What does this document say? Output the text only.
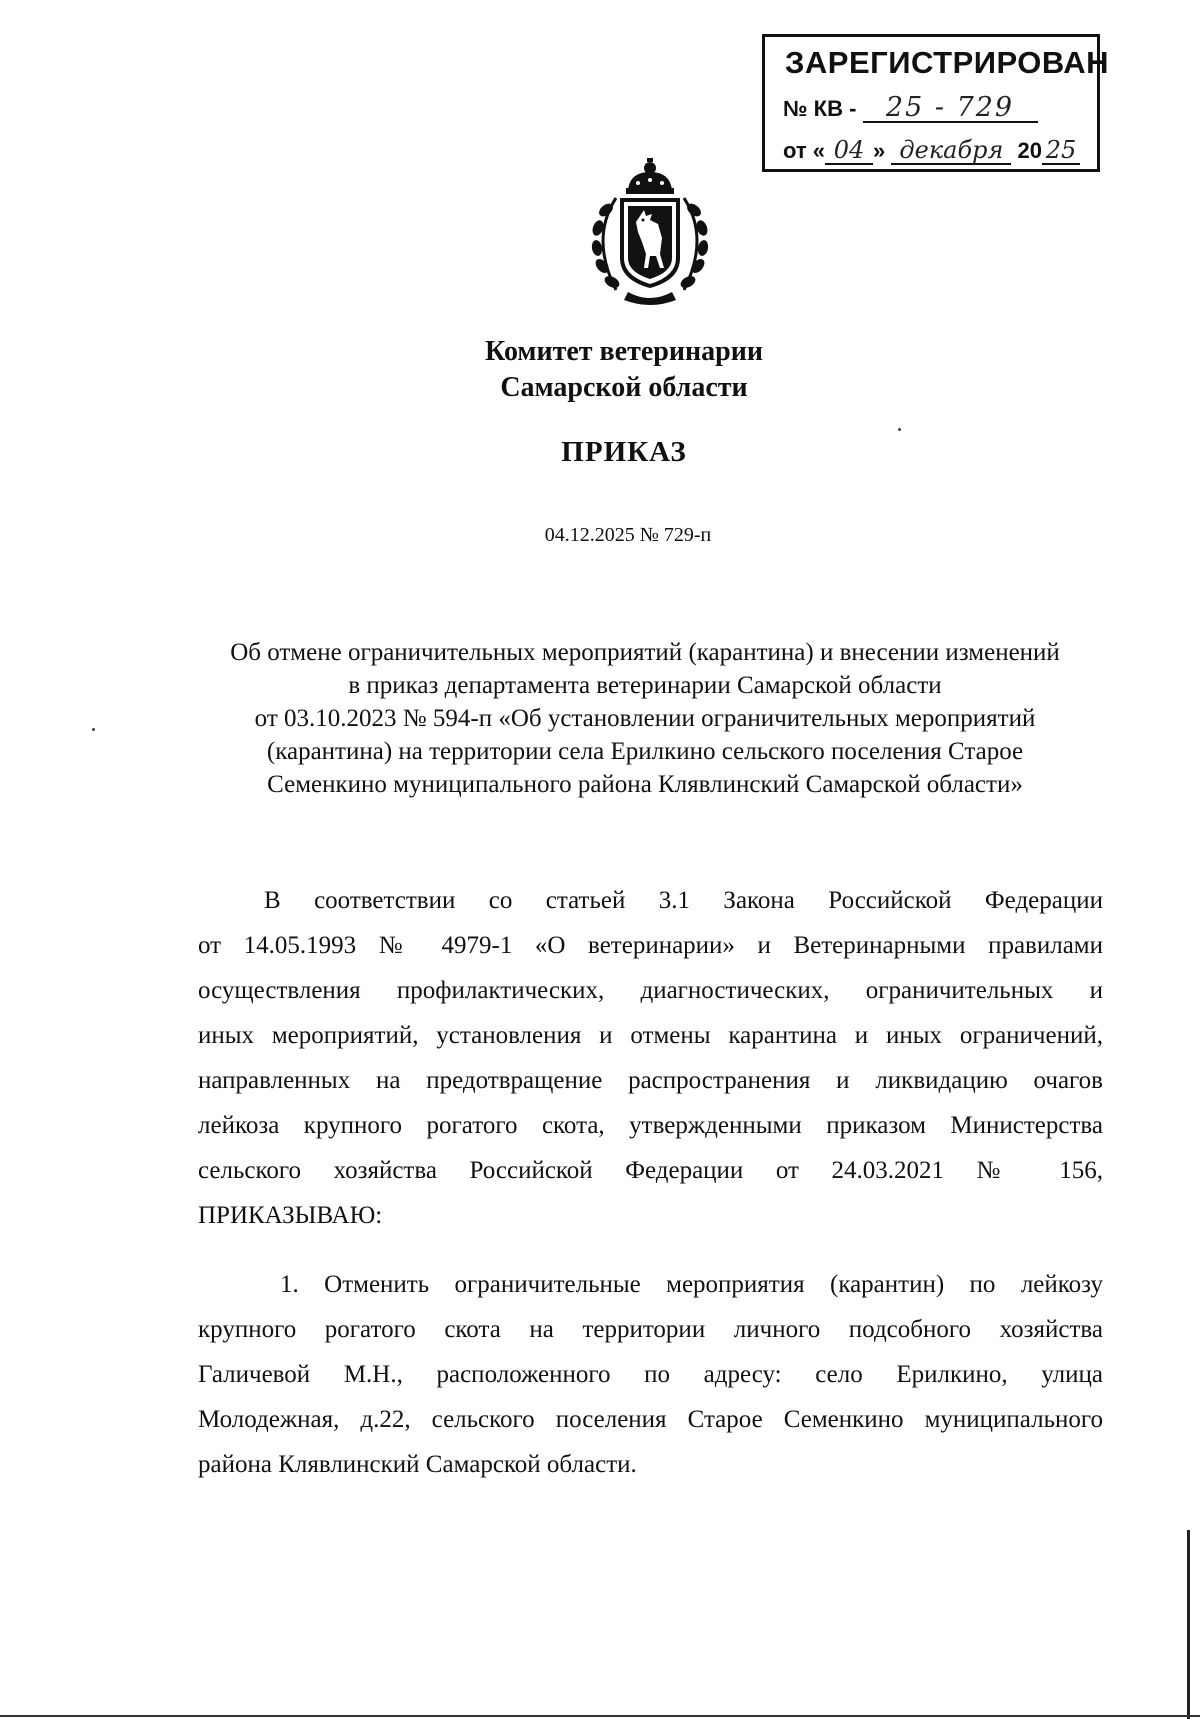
ЗАРЕГИСТРИРОВАН
№ КВ - 25 - 729
от « 04 » декабря 20 25
Комитет ветеринарии
Самарской области
ПРИКАЗ
04.12.2025 № 729-п
Об отмене ограничительных мероприятий (карантина) и внесении изменений
в приказ департамента ветеринарии Самарской области
от 03.10.2023 № 594-п «Об установлении ограничительных мероприятий
(карантина) на территории села Ерилкино сельского поселения Старое
Семенкино муниципального района Клявлинский Самарской области»
В соответствии со статьей 3.1 Закона Российской Федерации
от 14.05.1993 № 4979-1 «О ветеринарии» и Ветеринарными правилами
осуществления профилактических, диагностических, ограничительных и
иных мероприятий, установления и отмены карантина и иных ограничений,
направленных на предотвращение распространения и ликвидацию очагов
лейкоза крупного рогатого скота, утвержденными приказом Министерства
сельского хозяйства Российской Федерации от 24.03.2021 № 156,
ПРИКАЗЫВАЮ:
1. Отменить ограничительные мероприятия (карантин) по лейкозу
крупного рогатого скота на территории личного подсобного хозяйства
Галичевой М.Н., расположенного по адресу: село Ерилкино, улица
Молодежная, д.22, сельского поселения Старое Семенкино муниципального
района Клявлинский Самарской области.
